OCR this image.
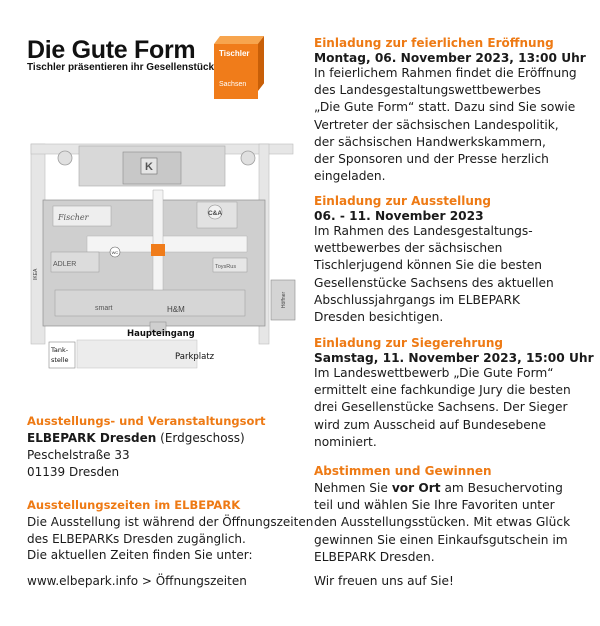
Die Gute Form
Tischler präsentieren ihr Gesellenstück
Tischler
Sachsen
K
Fischer	C&A
ADLER
WC
ToysRus
smart	H&M
Haupteingang
Parkplatz
Tank-
stelle
Höffner
IKEA
Ausstellungs- und Veranstaltungsort
ELBEPARK Dresden (Erdgeschoss)
Peschelstraße 33
01139 Dresden
Ausstellungszeiten im ELBEPARK
Die Ausstellung ist während der Öffnungszeiten
des ELBEPARKs Dresden zugänglich.
Die aktuellen Zeiten finden Sie unter:
www.elbepark.info > Öffnungszeiten
Einladung zur feierlichen Eröffnung
Montag, 06. November 2023, 13:00 Uhr
In feierlichem Rahmen findet die Eröffnung
des Landesgestaltungswettbewerbes
„Die Gute Form“ statt. Dazu sind Sie sowie
Vertreter der sächsischen Landespolitik,
der sächsischen Handwerkskammern,
der Sponsoren und der Presse herzlich
eingeladen.
Einladung zur Ausstellung
06. - 11. November 2023
Im Rahmen des Landesgestaltungs-
wettbewerbes der sächsischen
Tischlerjugend können Sie die besten
Gesellenstücke Sachsens des aktuellen
Abschlussjahrgangs im ELBEPARK
Dresden besichtigen.
Einladung zur Siegerehrung
Samstag, 11. November 2023, 15:00 Uhr
Im Landeswettbewerb „Die Gute Form“
ermittelt eine fachkundige Jury die besten
drei Gesellenstücke Sachsens. Der Sieger
wird zum Ausscheid auf Bundesebene
nominiert.
Abstimmen und Gewinnen
Nehmen Sie vor Ort am Besuchervoting
teil und wählen Sie Ihre Favoriten unter
den Ausstellungsstücken. Mit etwas Glück
gewinnen Sie einen Einkaufsgutschein im
ELBEPARK Dresden.
Wir freuen uns auf Sie!
